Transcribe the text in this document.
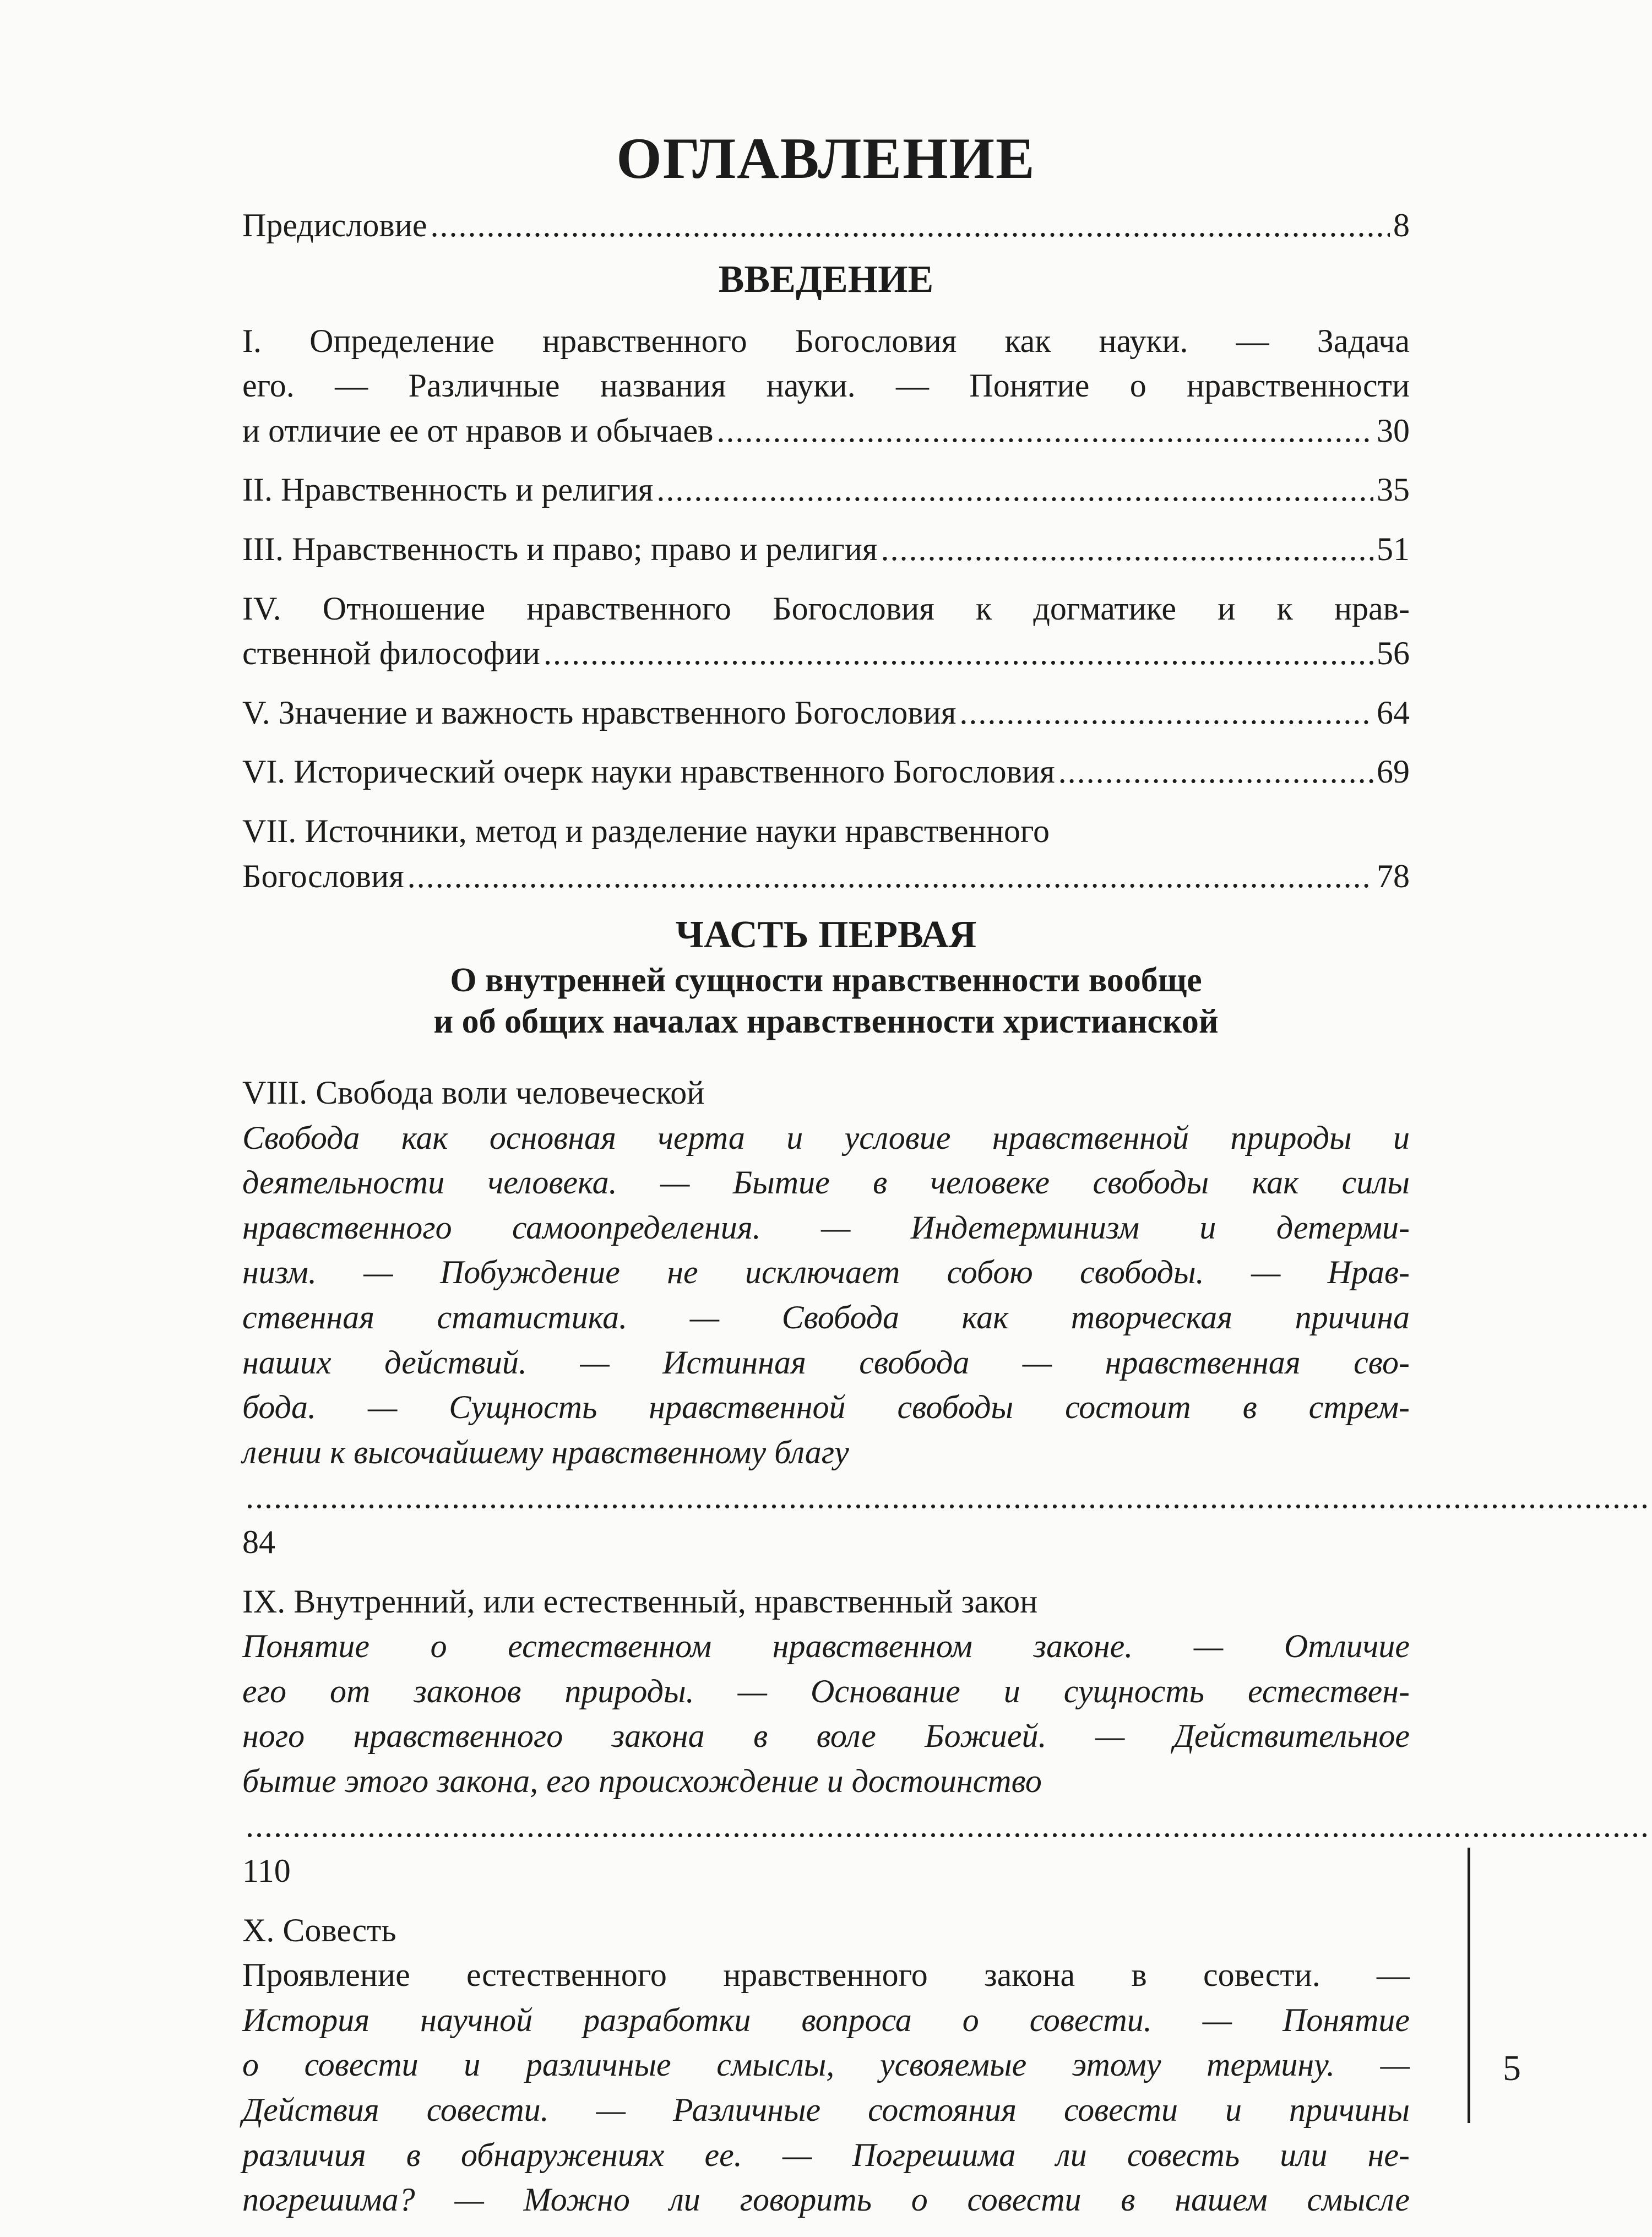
ОГЛАВЛЕНИЕ
Предисловие .....	8
ВВЕДЕНИЕ
I. Определение нравственного Богословия как науки. — Задача
его. — Различные названия науки. — Понятие о нравственности
и отличие ее от нравов и обычаев .....	30
II. Нравственность и религия .....	35
III. Нравственность и право; право и религия .....	51
IV. Отношение нравственного Богословия к догматике и к нрав-
ственной философии .....	56
V. Значение и важность нравственного Богословия .....	64
VI. Исторический очерк науки нравственного Богословия .....	69
VII. Источники, метод и разделение науки нравственного
Богословия .....	78
ЧАСТЬ ПЕРВАЯ
О внутренней сущности нравственности вообще
и об общих началах нравственности христианской
VIII. Свобода воли человеческой
Свобода как основная черта и условие нравственной природы и
деятельности человека. — Бытие в человеке свободы как силы
нравственного самоопределения. — Индетерминизм и детерми-
низм. — Побуждение не исключает собою свободы. — Нрав-
ственная статистика. — Свобода как творческая причина
наших действий. — Истинная свобода — нравственная сво-
бода. — Сущность нравственной свободы состоит в стрем-
лении к высочайшему нравственному благу ..... 84
IX. Внутренний, или естественный, нравственный закон
Понятие о естественном нравственном законе. — Отличие
его от законов природы. — Основание и сущность естествен-
ного нравственного закона в воле Божией. — Действительное
бытие этого закона, его происхождение и достоинство ..... 110
X. Совесть
Проявление естественного нравственного закона в совести. —
История научной разработки вопроса о совести. — Понятие
о совести и различные смыслы, усвояемые этому термину. —
Действия совести. — Различные состояния совести и причины
различия в обнаружениях ее. — Погрешима ли совесть или не-
погрешима? — Можно ли говорить о совести в нашем смысле
5
